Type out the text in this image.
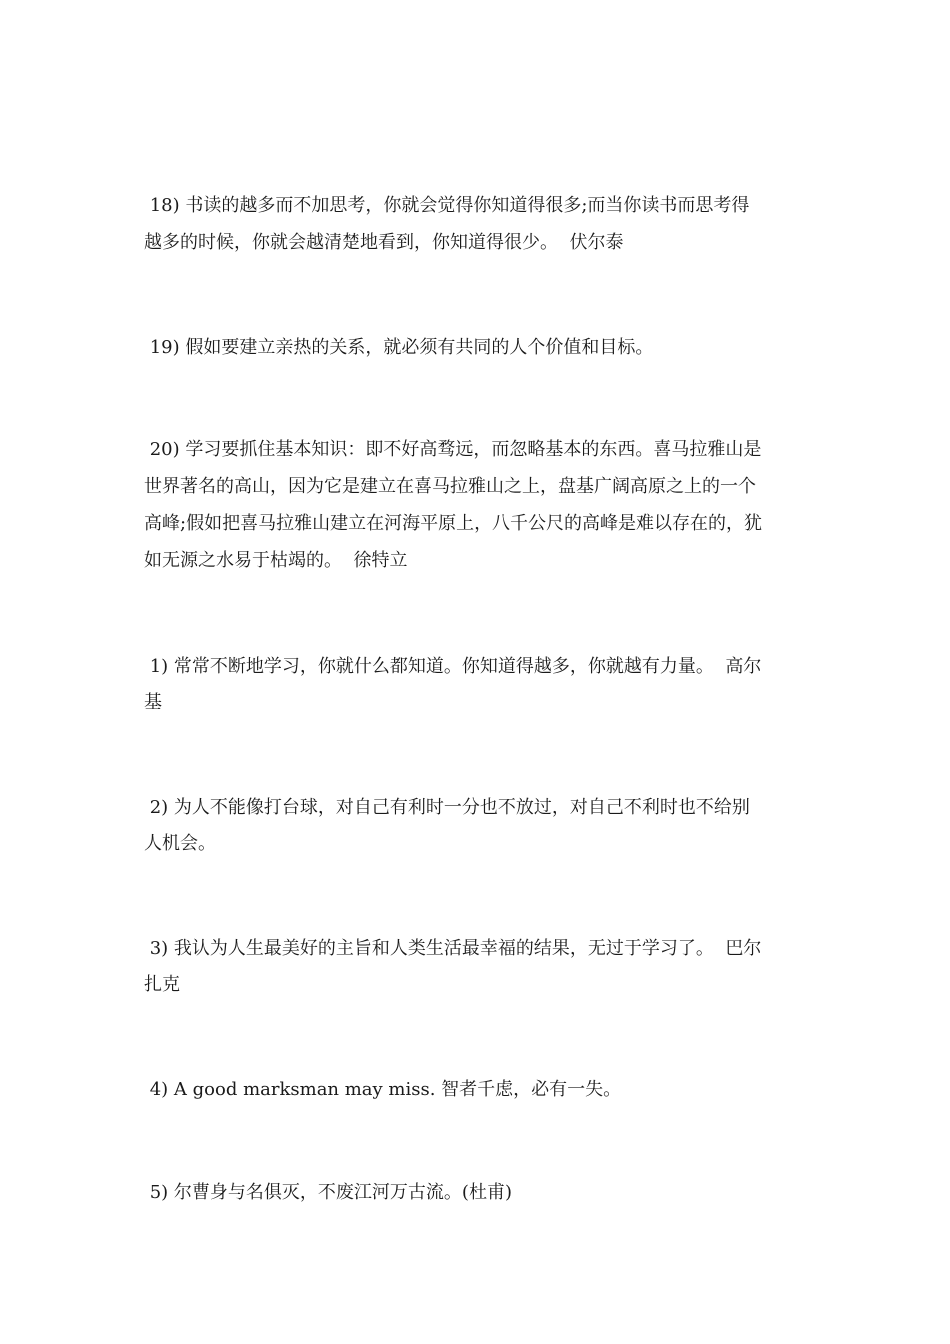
18) 书读的越多而不加思考，你就会觉得你知道得很多;而当你读书而思考得

越多的时候，你就会越清楚地看到，你知道得很少。  伏尔泰

19) 假如要建立亲热的关系，就必须有共同的人个价值和目标。

20) 学习要抓住基本知识：即不好高骛远，而忽略基本的东西。喜马拉雅山是

世界著名的高山，因为它是建立在喜马拉雅山之上，盘基广阔高原之上的一个

高峰;假如把喜马拉雅山建立在河海平原上，八千公尺的高峰是难以存在的，犹

如无源之水易于枯竭的。  徐特立

1) 常常不断地学习，你就什么都知道。你知道得越多，你就越有力量。  高尔

基

2) 为人不能像打台球，对自己有利时一分也不放过，对自己不利时也不给别

人机会。

3) 我认为人生最美好的主旨和人类生活最幸福的结果，无过于学习了。  巴尔

扎克

4) A good marksman may miss. 智者千虑，必有一失。

5) 尔曹身与名俱灭，不废江河万古流。(杜甫)
